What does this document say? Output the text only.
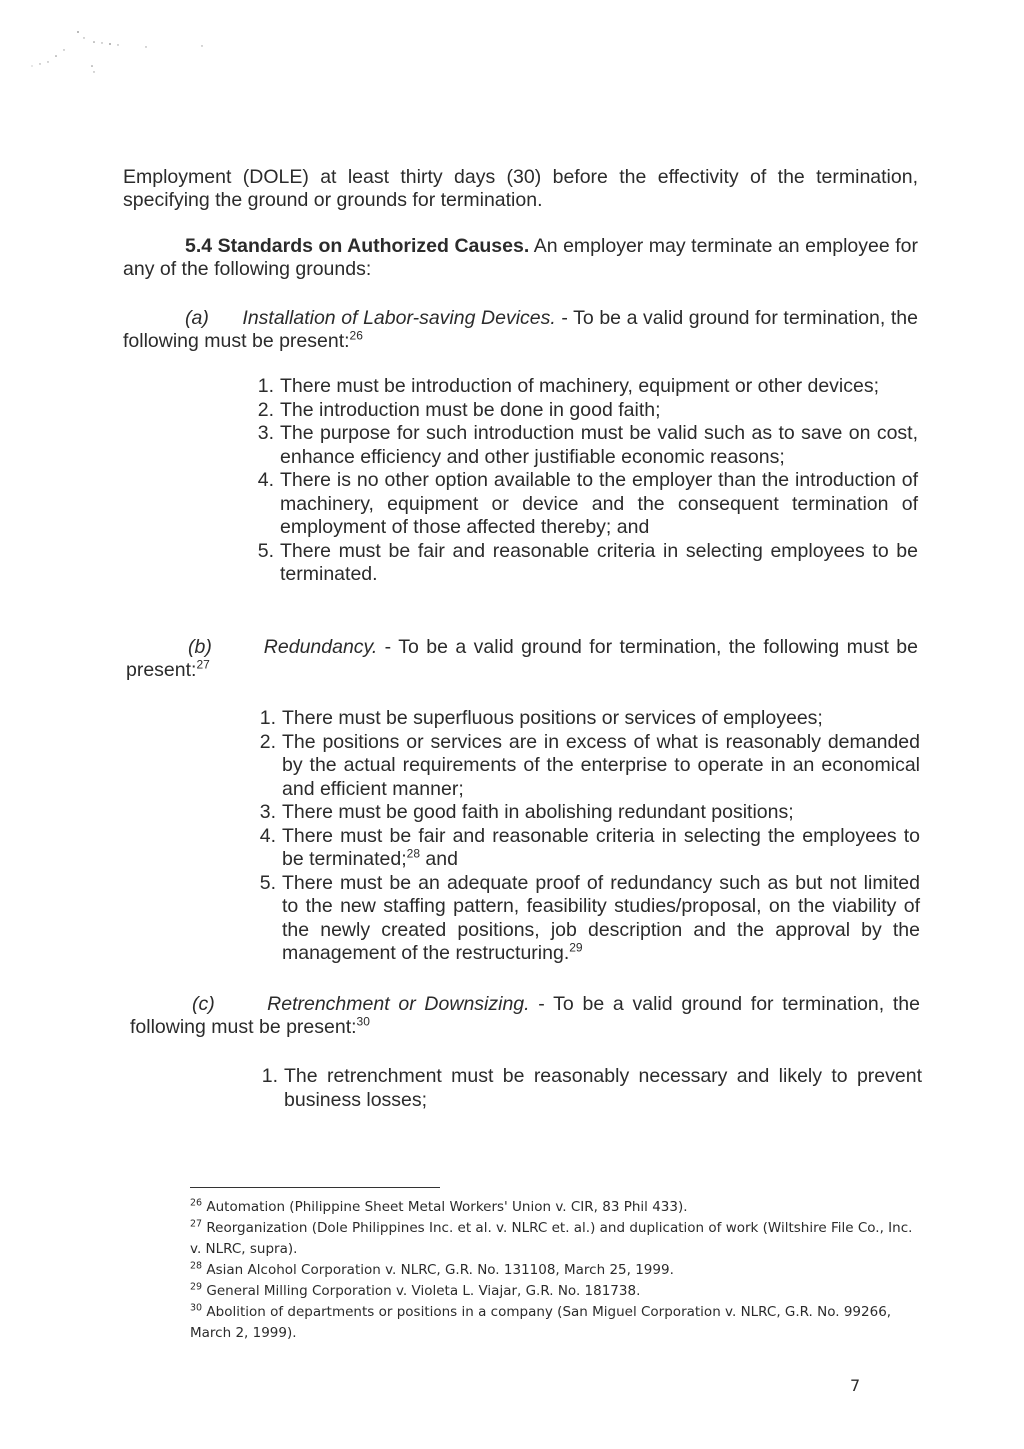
Employment (DOLE) at least thirty days (30) before the effectivity of the termination, specifying the ground or grounds for termination.

5.4 Standards on Authorized Causes. An employer may terminate an employee for any of the following grounds:

(a) Installation of Labor-saving Devices. - To be a valid ground for termination, the following must be present:$^{26}$

1. There must be introduction of machinery, equipment or other devices;
2. The introduction must be done in good faith;
3. The purpose for such introduction must be valid such as to save on cost, enhance efficiency and other justifiable economic reasons;
4. There is no other option available to the employer than the introduction of machinery, equipment or device and the consequent termination of employment of those affected thereby; and
5. There must be fair and reasonable criteria in selecting employees to be terminated.

(b)	Redundancy. - To be a valid ground for termination, the following must be present:$^{27}$

1. There must be superfluous positions or services of employees;
2. The positions or services are in excess of what is reasonably demanded by the actual requirements of the enterprise to operate in an economical and efficient manner;
3. There must be good faith in abolishing redundant positions;
4. There must be fair and reasonable criteria in selecting the employees to be terminated;$^{28}$ and
5. There must be an adequate proof of redundancy such as but not limited to the new staffing pattern, feasibility studies/proposal, on the viability of the newly created positions, job description and the approval by the management of the restructuring.$^{29}$

(c)	Retrenchment or Downsizing. - To be a valid ground for termination, the following must be present:$^{30}$

1. The retrenchment must be reasonably necessary and likely to prevent business losses;
$^{26}$ Automation (Philippine Sheet Metal Workers' Union v. CIR, 83 Phil 433).
$^{27}$ Reorganization (Dole Philippines Inc. et al. v. NLRC et. al.) and duplication of work (Wiltshire File Co., Inc. v. NLRC, supra).
$^{28}$ Asian Alcohol Corporation v. NLRC, G.R. No. 131108, March 25, 1999.
$^{29}$ General Milling Corporation v. Violeta L. Viajar, G.R. No. 181738.
$^{30}$ Abolition of departments or positions in a company (San Miguel Corporation v. NLRC, G.R. No. 99266, March 2, 1999).
7
